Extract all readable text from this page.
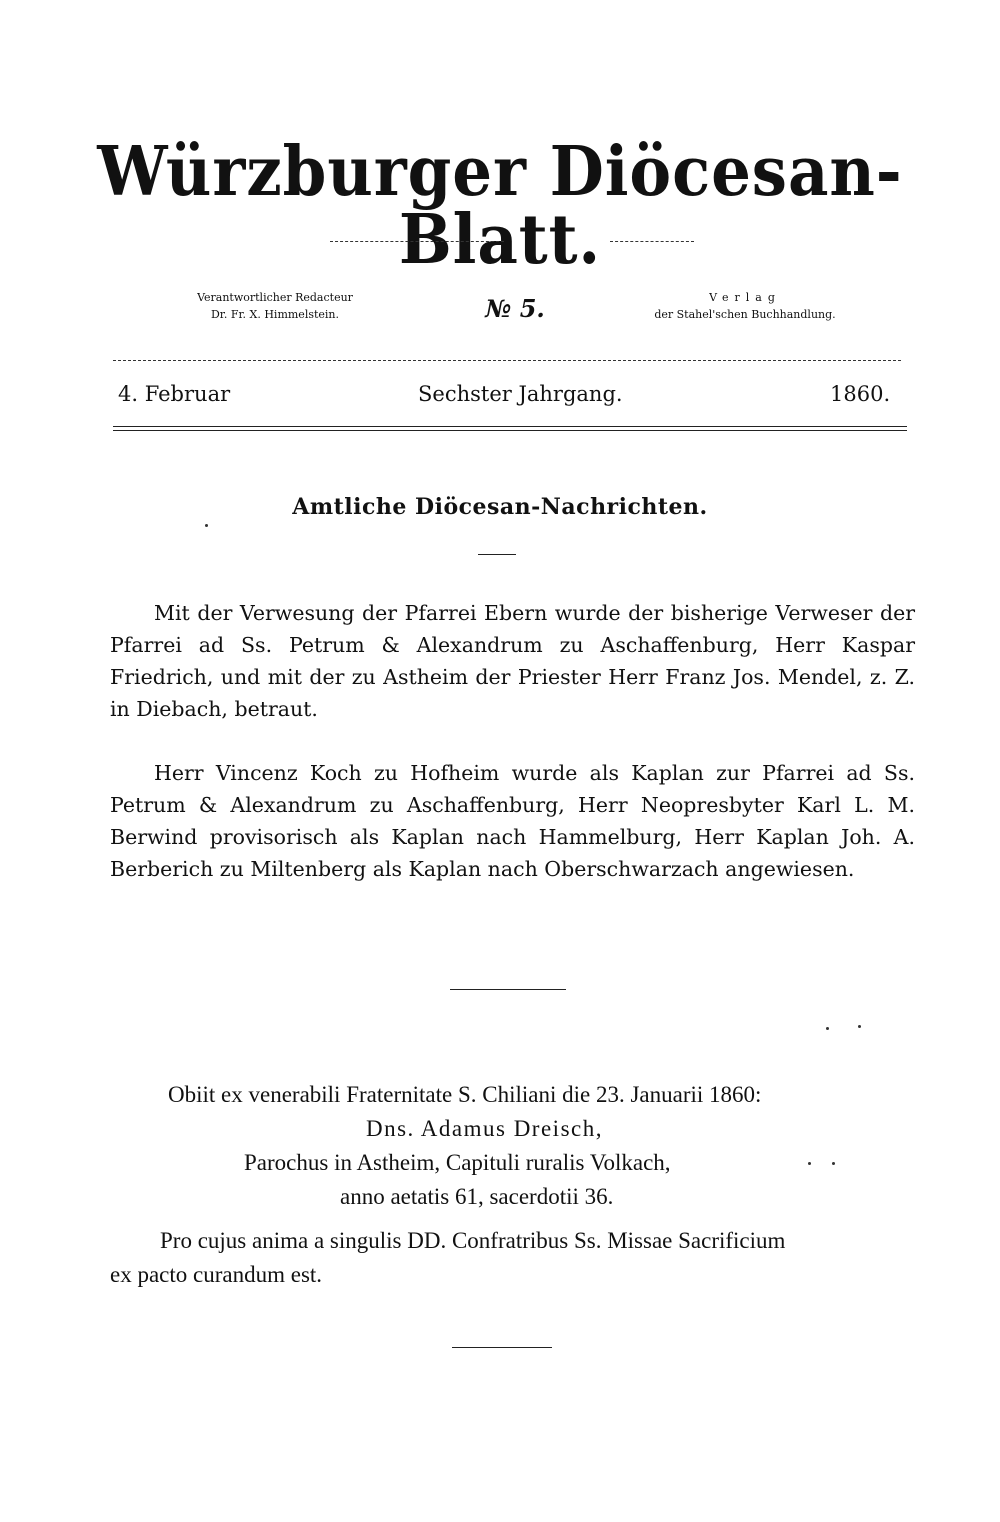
Würzburger Diöcesan-Blatt.
Verantwortlicher Redacteur
Dr. Fr. X. Himmelstein.	№ 5.	Verlag
der Stahel'schen Buchhandlung.
4. Februar	Sechster Jahrgang.	1860.
Amtliche Diöcesan-Nachrichten.
Mit der Verwesung der Pfarrei Ebern wurde der bisherige Verweser der Pfarrei ad Ss. Petrum & Alexandrum zu Aschaffenburg, Herr Kaspar Friedrich, und mit der zu Astheim der Priester Herr Franz Jos. Mendel, z. Z. in Diebach, betraut.
Herr Vincenz Koch zu Hofheim wurde als Kaplan zur Pfarrei ad Ss. Petrum & Alexandrum zu Aschaffenburg, Herr Neopresbyter Karl L. M. Berwind provisorisch als Kaplan nach Hammelburg, Herr Kaplan Joh. A. Berberich zu Miltenberg als Kaplan nach Oberschwarzach angewiesen.
Obiit ex venerabili Fraternitate S. Chiliani die 23. Januarii 1860:
Dns. Adamus Dreisch,
Parochus in Astheim, Capituli ruralis Volkach,
anno aetatis 61, sacerdotii 36.
Pro cujus anima a singulis DD. Confratribus Ss. Missae Sacrificium
ex pacto curandum est.
